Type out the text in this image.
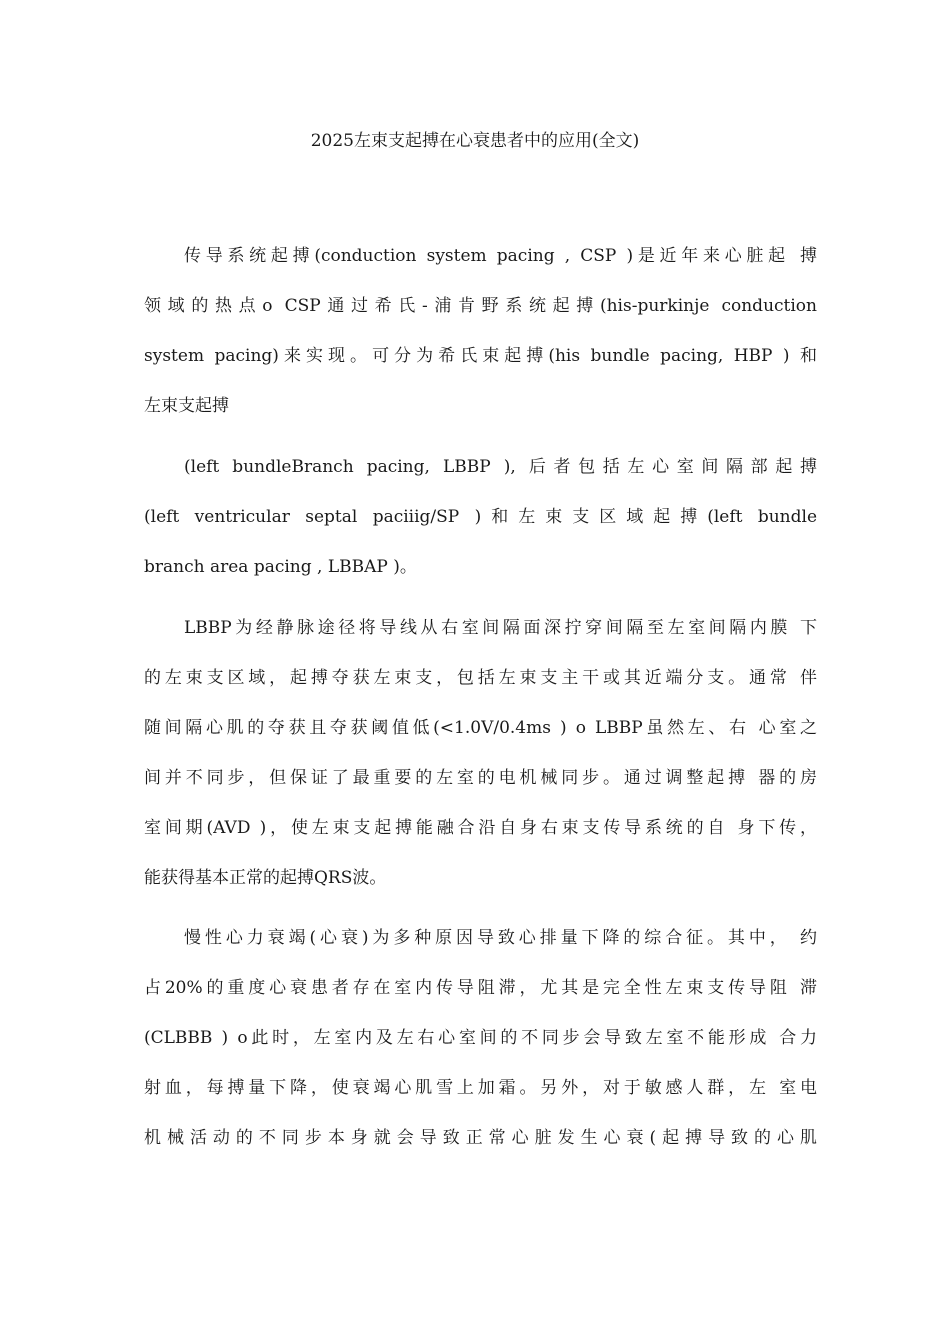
2025左束支起搏在心衰患者中的应用(全文)
传导系统起搏(conduction system pacing , CSP )是近年来心脏起 搏
领域的热点o CSP通过希氏-浦肯野系统起搏(his-purkinje conduction
system pacing)来实现。可分为希氏束起搏(his bundle pacing, HBP ) 和
左束支起搏
(left bundleBranch pacing, LBBP ), 后者包括左心室间隔部起搏
(left ventricular septal paciiig/SP )和左束支区域起搏(left bundle
branch area pacing , LBBAP )。
LBBP为经静脉途径将导线从右室间隔面深拧穿间隔至左室间隔内膜 下
的左束支区域，起搏夺获左束支，包括左束支主干或其近端分支。通常 伴
随间隔心肌的夺获且夺获阈值低(<1.0V/0.4ms ) o LBBP虽然左、右 心室之
间并不同步，但保证了最重要的左室的电机械同步。通过调整起搏 器的房
室间期(AVD )，使左束支起搏能融合沿自身右束支传导系统的自 身下传，
能获得基本正常的起搏QRS波。
慢性心力衰竭(心衰)为多种原因导致心排量下降的综合征。其中， 约
占20%的重度心衰患者存在室内传导阻滞，尤其是完全性左束支传导阻 滞
(CLBBB ) o此时，左室内及左右心室间的不同步会导致左室不能形成 合力
射血，每搏量下降，使衰竭心肌雪上加霜。另外，对于敏感人群，左 室电
机械活动的不同步本身就会导致正常心脏发生心衰(起搏导致的心肌
